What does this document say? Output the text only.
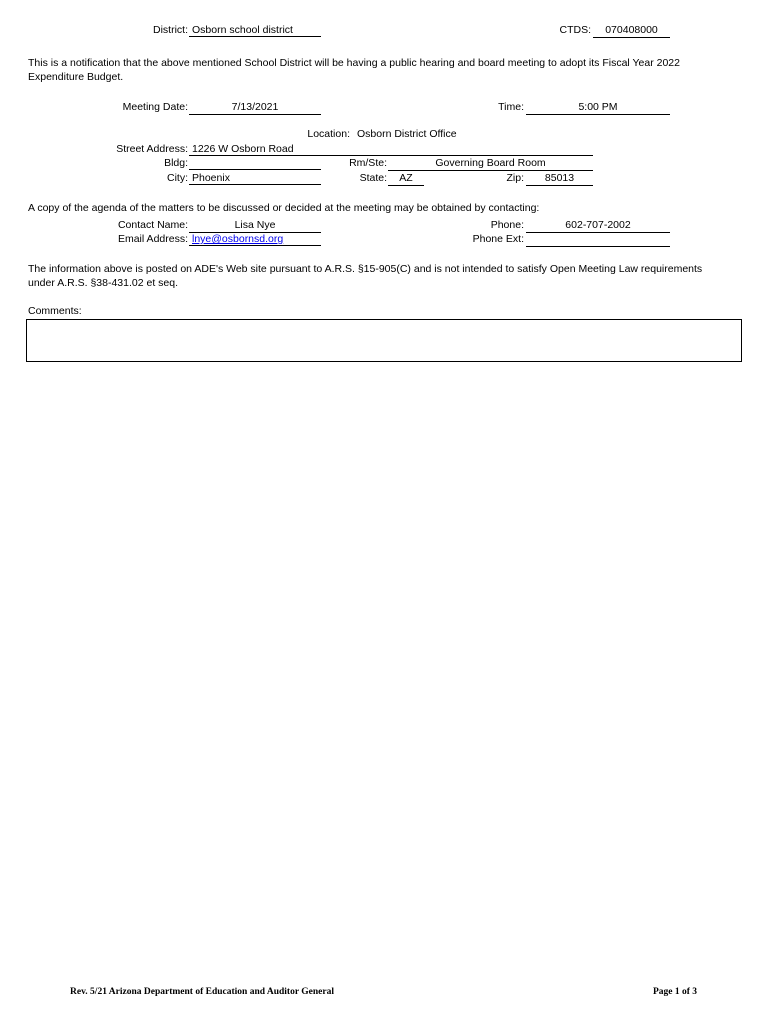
District: Osborn school district	CTDS:	070408000
This is a notification that the above mentioned School District will be having a public hearing and board meeting to adopt its Fiscal Year 2022 Expenditure Budget.
Meeting Date:	7/13/2021	Time:	5:00 PM
Location: Osborn District Office
Street Address: 1226 W Osborn Road
Bldg:	Rm/Ste:	Governing Board Room
City: Phoenix	State:	AZ	Zip:	85013
A copy of the agenda of the matters to be discussed or decided at the meeting may be obtained by contacting:
Contact Name:	Lisa Nye	Phone:	602-707-2002
Email Address: lnye@osbornsd.org	Phone Ext:
The information above is posted on ADE's Web site pursuant to A.R.S. §15-905(C) and is not intended to satisfy Open Meeting Law requirements under A.R.S. §38-431.02 et seq.
Comments:
Rev. 5/21 Arizona Department of Education and Auditor General	Page 1 of 3
